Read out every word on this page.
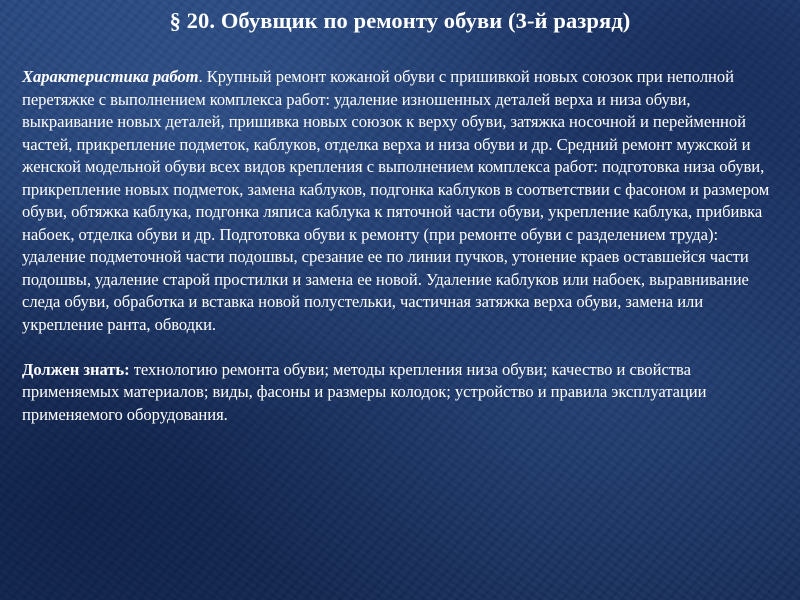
§ 20. Обувщик по ремонту обуви (3-й разряд)

Характеристика работ. Крупный ремонт кожаной обуви с пришивкой новых союзок при неполной перетяжке с выполнением комплекса работ: удаление изношенных деталей верха и низа обуви, выкраивание новых деталей, пришивка новых союзок к верху обуви, затяжка носочной и перейменной частей, прикрепление подметок, каблуков, отделка верха и низа обуви и др. Средний ремонт мужской и женской модельной обуви всех видов крепления с выполнением комплекса работ: подготовка низа обуви, прикрепление новых подметок, замена каблуков, подгонка каблуков в соответствии с фасоном и размером обуви, обтяжка каблука, подгонка ляписа каблука к пяточной части обуви, укрепление каблука, прибивка набоек, отделка обуви и др. Подготовка обуви к ремонту (при ремонте обуви с разделением труда): удаление подметочной части подошвы, срезание ее по линии пучков, утонение краев оставшейся части подошвы, удаление старой простилки и замена ее новой. Удаление каблуков или набоек, выравнивание следа обуви, обработка и вставка новой полустельки, частичная затяжка верха обуви, замена или укрепление ранта, обводки.

Должен знать: технологию ремонта обуви; методы крепления низа обуви; качество и свойства применяемых материалов; виды, фасоны и размеры колодок; устройство и правила эксплуатации применяемого оборудования.
